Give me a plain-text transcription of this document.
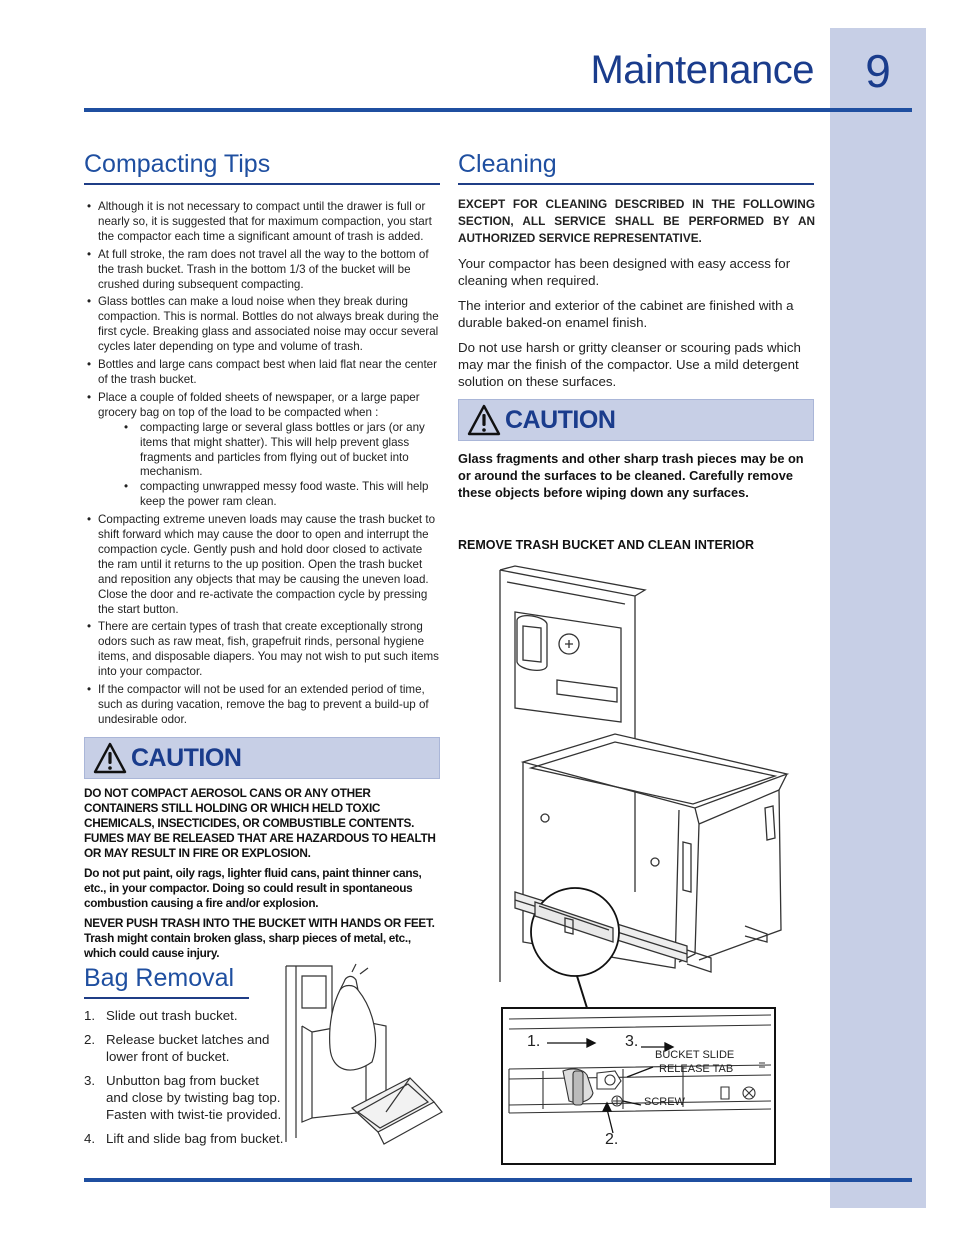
9
Maintenance
Compacting Tips
• Although it is not necessary to compact until the drawer is full or nearly so, it is suggested that for maximum compaction, you start the compactor each time a significant amount of trash is added.
• At full stroke, the ram does not travel all the way to the bottom of the trash bucket. Trash in the bottom 1/3 of the bucket will be crushed during subsequent compacting.
• Glass bottles can make a loud noise when they break during compaction. This is normal. Bottles do not always break during the first cycle. Breaking glass and associated noise may occur several cycles later depending on type and volume of trash.
• Bottles and large cans compact best when laid flat near the center of the trash bucket.
• Place a couple of folded sheets of newspaper, or a large paper grocery bag on top of the load to be compacted when :
• compacting large or several glass bottles or jars (or any items that might shatter). This will help prevent glass fragments and particles from flying out of bucket into mechanism.
• compacting unwrapped messy food waste. This will help keep the power ram clean.
• Compacting extreme uneven loads may cause the trash bucket to shift forward which may cause the door to open and interrupt the compaction cycle. Gently push and hold door closed to activate the ram until it returns to the up position. Open the trash bucket and reposition any objects that may be causing the uneven load. Close the door and re-activate the compaction cycle by pressing the start button.
• There are certain types of trash that create exceptionally strong odors such as raw meat, fish, grapefruit rinds, personal hygiene items, and disposable diapers. You may not wish to put such items into your compactor.
• If the compactor will not be used for an extended period of time, such as during vacation, remove the bag to prevent a build-up of undesirable odor.
CAUTION

DO NOT COMPACT AEROSOL CANS OR ANY OTHER CONTAINERS STILL HOLDING OR WHICH HELD TOXIC CHEMICALS, INSECTICIDES, OR COMBUSTIBLE CONTENTS. FUMES MAY BE RELEASED THAT ARE HAZARDOUS TO HEALTH OR MAY RESULT IN FIRE OR EXPLOSION.

Do not put paint, oily rags, lighter fluid cans, paint thinner cans, etc., in your compactor. Doing so could result in spontaneous combustion causing a fire and/or explosion.

NEVER PUSH TRASH INTO THE BUCKET WITH HANDS OR FEET. Trash might contain broken glass, sharp pieces of metal, etc., which could cause injury.

Bag Removal
1. Slide out trash bucket.
2. Release bucket latches and lower front of bucket.
3. Unbutton bag from bucket and close by twisting bag top. Fasten with twist-tie provided.
4. Lift and slide bag from bucket.
Cleaning

EXCEPT FOR CLEANING DESCRIBED IN THE FOLLOWING SECTION, ALL SERVICE SHALL BE PERFORMED BY AN AUTHORIZED SERVICE REPRESENTATIVE.

Your compactor has been designed with easy access for cleaning when required.

The interior and exterior of the cabinet are finished with a durable baked-on enamel finish.

Do not use harsh or gritty cleanser or scouring pads which may mar the finish of the compactor. Use a mild detergent solution on these surfaces.

CAUTION
Glass fragments and other sharp trash pieces may be on or around the surfaces to be cleaned. Carefully remove these objects before wiping down any surfaces.
REMOVE TRASH BUCKET AND CLEAN INTERIOR
1.	3.
2.
BUCKET SLIDE
RELEASE TAB
SCREW
